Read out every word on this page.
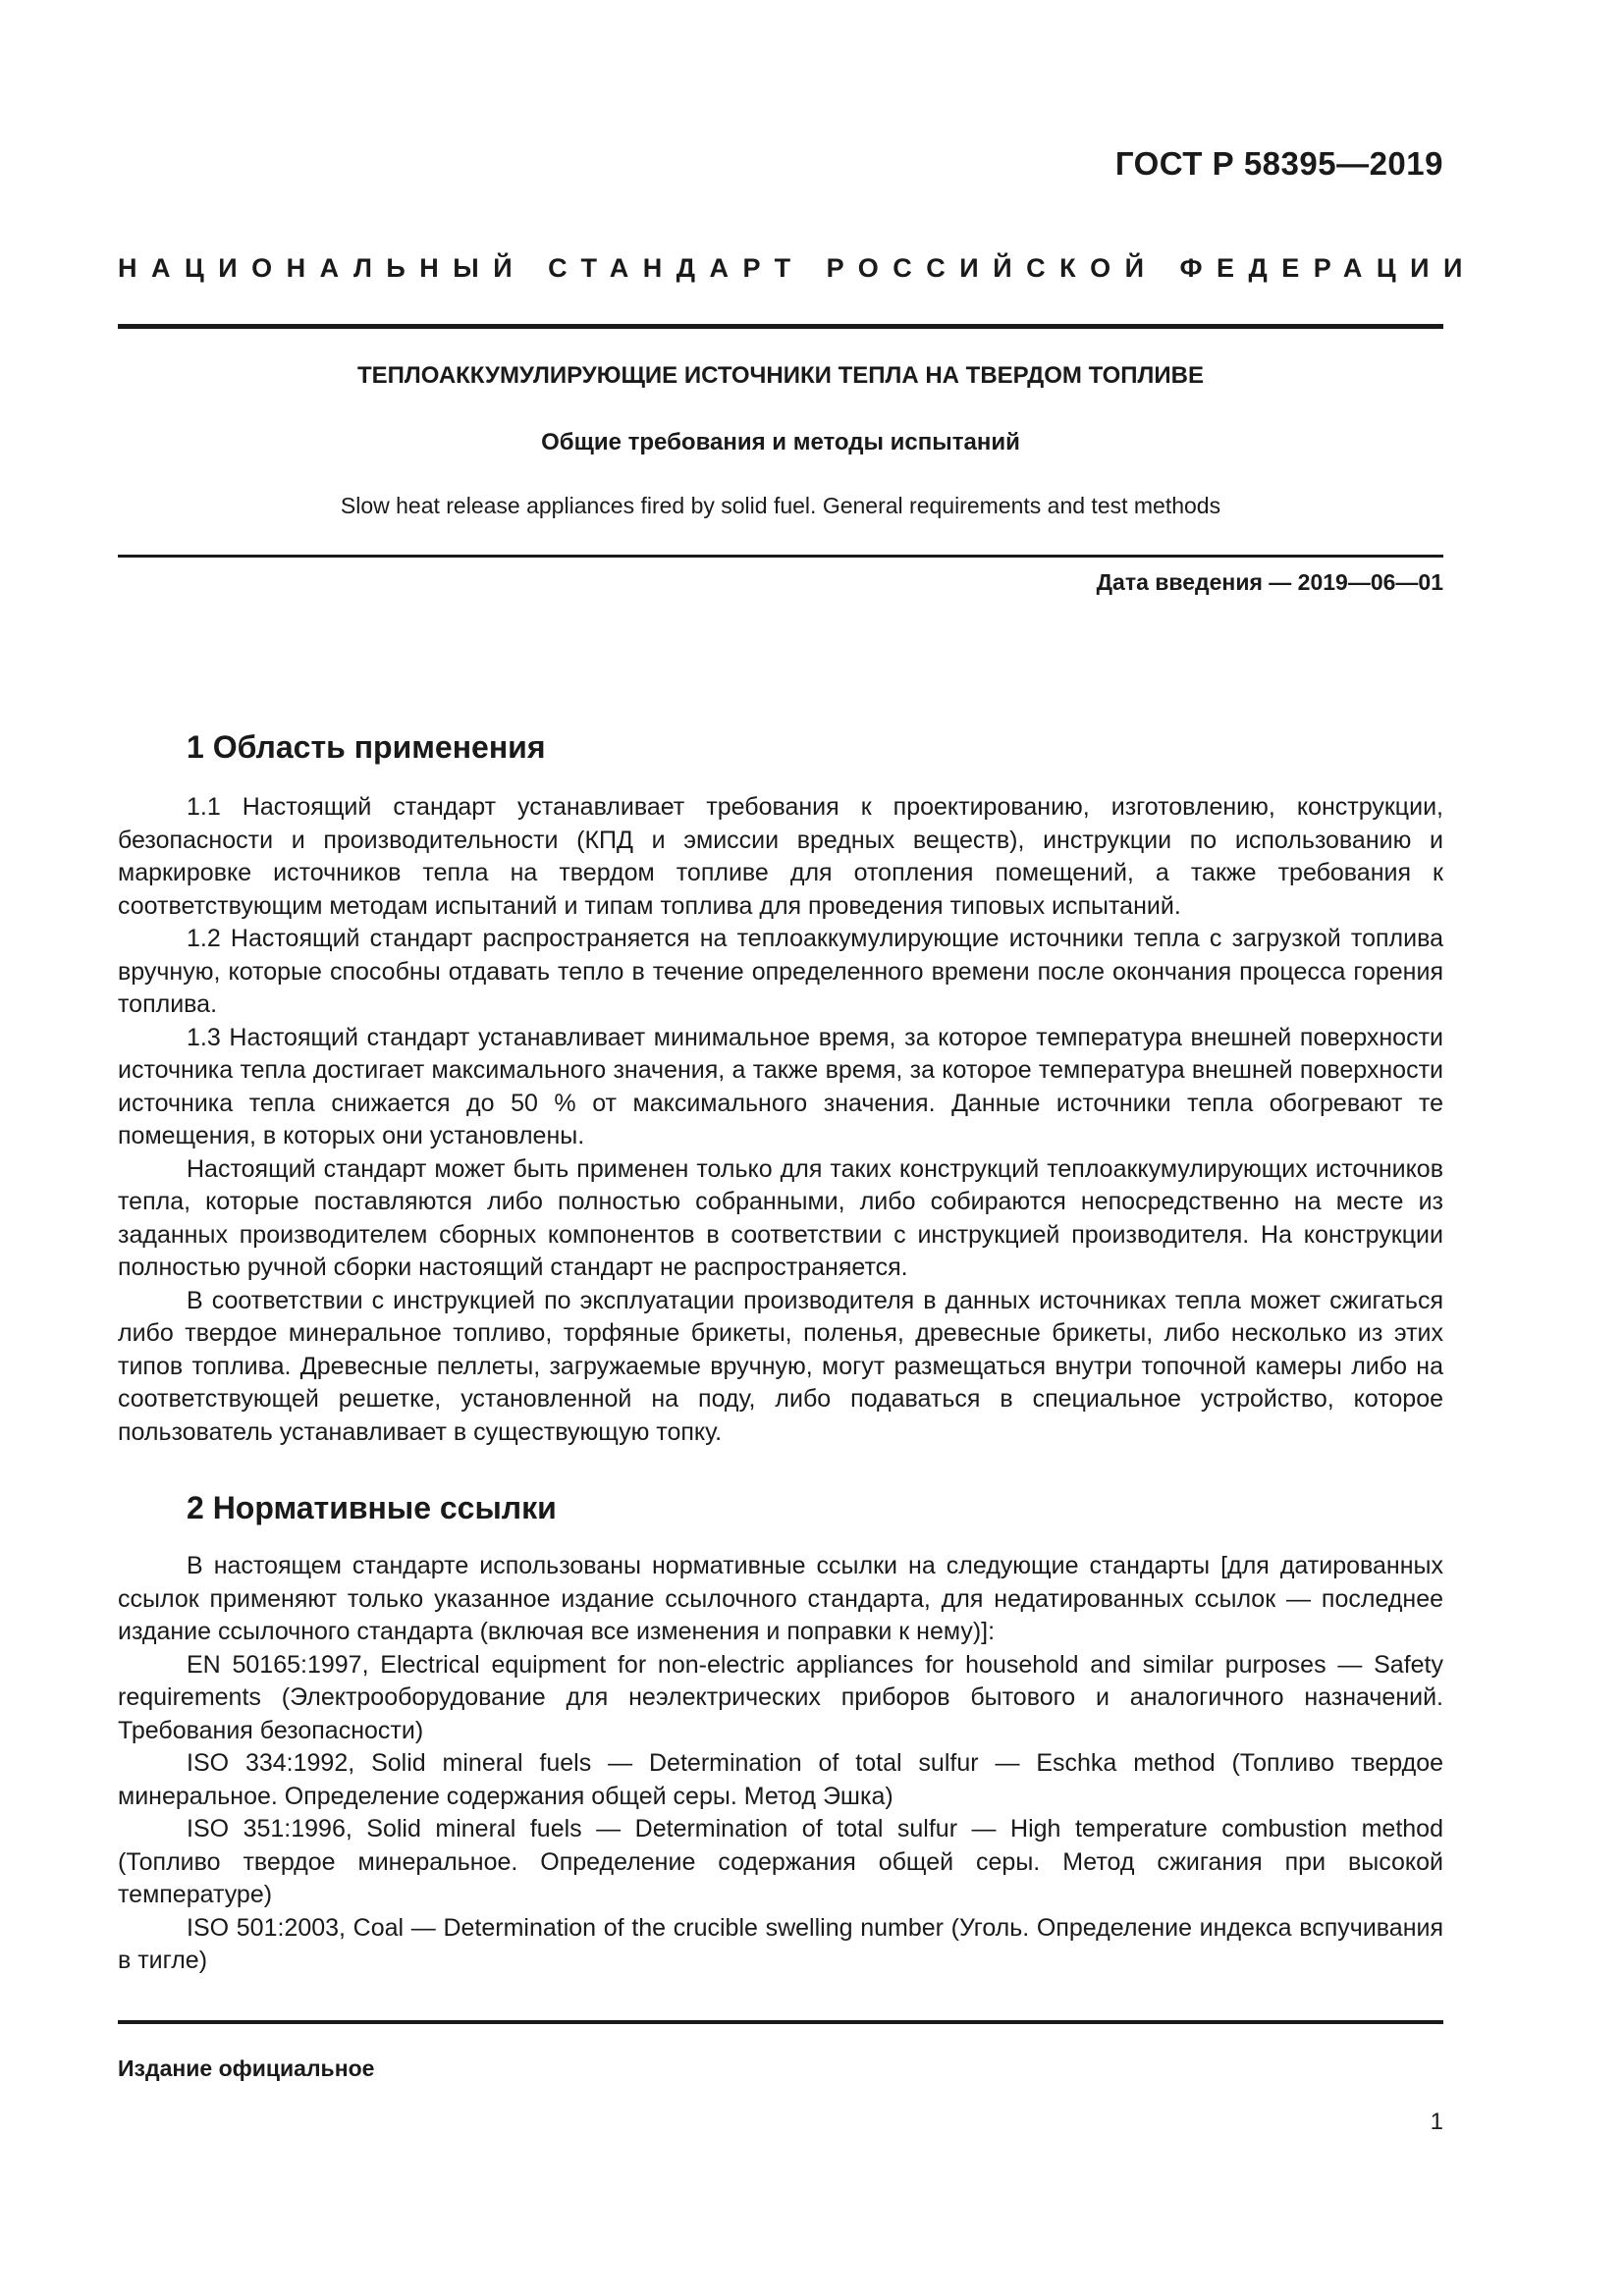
ГОСТ Р 58395—2019
НАЦИОНАЛЬНЫЙ СТАНДАРТ РОССИЙСКОЙ ФЕДЕРАЦИИ
ТЕПЛОАККУМУЛИРУЮЩИЕ ИСТОЧНИКИ ТЕПЛА НА ТВЕРДОМ ТОПЛИВЕ
Общие требования и методы испытаний
Slow heat release appliances fired by solid fuel. General requirements and test methods
Дата введения — 2019—06—01
1 Область применения

1.1 Настоящий стандарт устанавливает требования к проектированию, изготовлению, конструкции, безопасности и производительности (КПД и эмиссии вредных веществ), инструкции по использованию и маркировке источников тепла на твердом топливе для отопления помещений, а также требования к соответствующим методам испытаний и типам топлива для проведения типовых испытаний.

1.2 Настоящий стандарт распространяется на теплоаккумулирующие источники тепла с загрузкой топлива вручную, которые способны отдавать тепло в течение определенного времени после окончания процесса горения топлива.

1.3 Настоящий стандарт устанавливает минимальное время, за которое температура внешней поверхности источника тепла достигает максимального значения, а также время, за которое температура внешней поверхности источника тепла снижается до 50 % от максимального значения. Данные источники тепла обогревают те помещения, в которых они установлены.

Настоящий стандарт может быть применен только для таких конструкций теплоаккумулирующих источников тепла, которые поставляются либо полностью собранными, либо собираются непосредственно на месте из заданных производителем сборных компонентов в соответствии с инструкцией производителя. На конструкции полностью ручной сборки настоящий стандарт не распространяется.

В соответствии с инструкцией по эксплуатации производителя в данных источниках тепла может сжигаться либо твердое минеральное топливо, торфяные брикеты, поленья, древесные брикеты, либо несколько из этих типов топлива. Древесные пеллеты, загружаемые вручную, могут размещаться внутри топочной камеры либо на соответствующей решетке, установленной на поду, либо подаваться в специальное устройство, которое пользователь устанавливает в существующую топку.

2 Нормативные ссылки

В настоящем стандарте использованы нормативные ссылки на следующие стандарты [для датированных ссылок применяют только указанное издание ссылочного стандарта, для недатированных ссылок — последнее издание ссылочного стандарта (включая все изменения и поправки к нему)]:

EN 50165:1997, Electrical equipment for non-electric appliances for household and similar purposes — Safety requirements (Электрооборудование для неэлектрических приборов бытового и аналогичного назначений. Требования безопасности)

ISO 334:1992, Solid mineral fuels — Determination of total sulfur — Eschka method (Топливо твердое минеральное. Определение содержания общей серы. Метод Эшка)

ISO 351:1996, Solid mineral fuels — Determination of total sulfur — High temperature combustion method (Топливо твердое минеральное. Определение содержания общей серы. Метод сжигания при высокой температуре)

ISO 501:2003, Coal — Determination of the crucible swelling number (Уголь. Определение индекса вспучивания в тигле)

Издание официальное
1
